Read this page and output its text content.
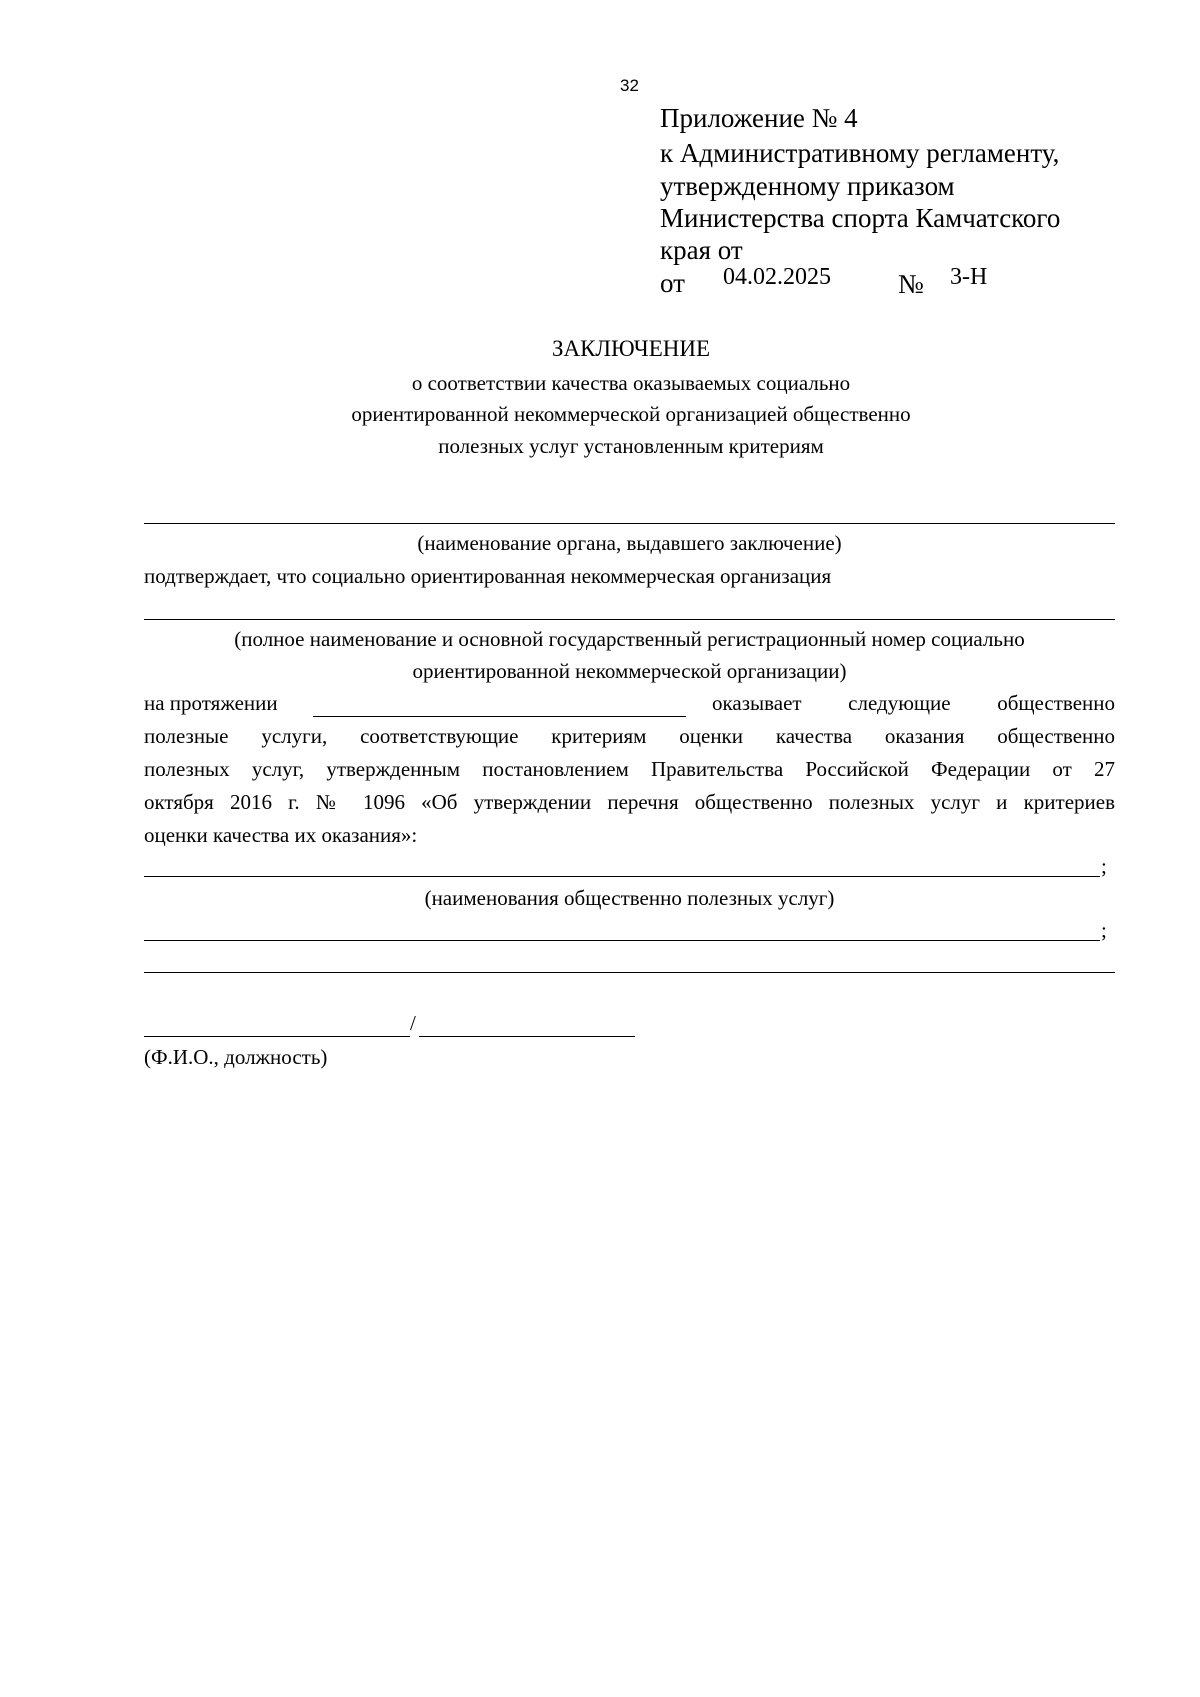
32
Приложение № 4
к Административному регламенту,
утвержденному приказом
Министерства спорта Камчатского
края от
от 04.02.2025 № 3-Н
ЗАКЛЮЧЕНИЕ
о соответствии качества оказываемых социально
ориентированной некоммерческой организацией общественно
полезных услуг установленным критериям
(наименование органа, выдавшего заключение)
подтверждает, что социально ориентированная некоммерческая организация
(полное наименование и основной государственный регистрационный номер социально
ориентированной некоммерческой организации)
на протяжении	оказывает следующие общественно
полезные услуги, соответствующие критериям оценки качества оказания общественно
полезных услуг, утвержденным постановлением Правительства Российской Федерации от 27
октября 2016 г. № 1096 «Об утверждении перечня общественно полезных услуг и критериев
оценки качества их оказания»:
;
(наименования общественно полезных услуг)
;
/
(Ф.И.О., должность)
